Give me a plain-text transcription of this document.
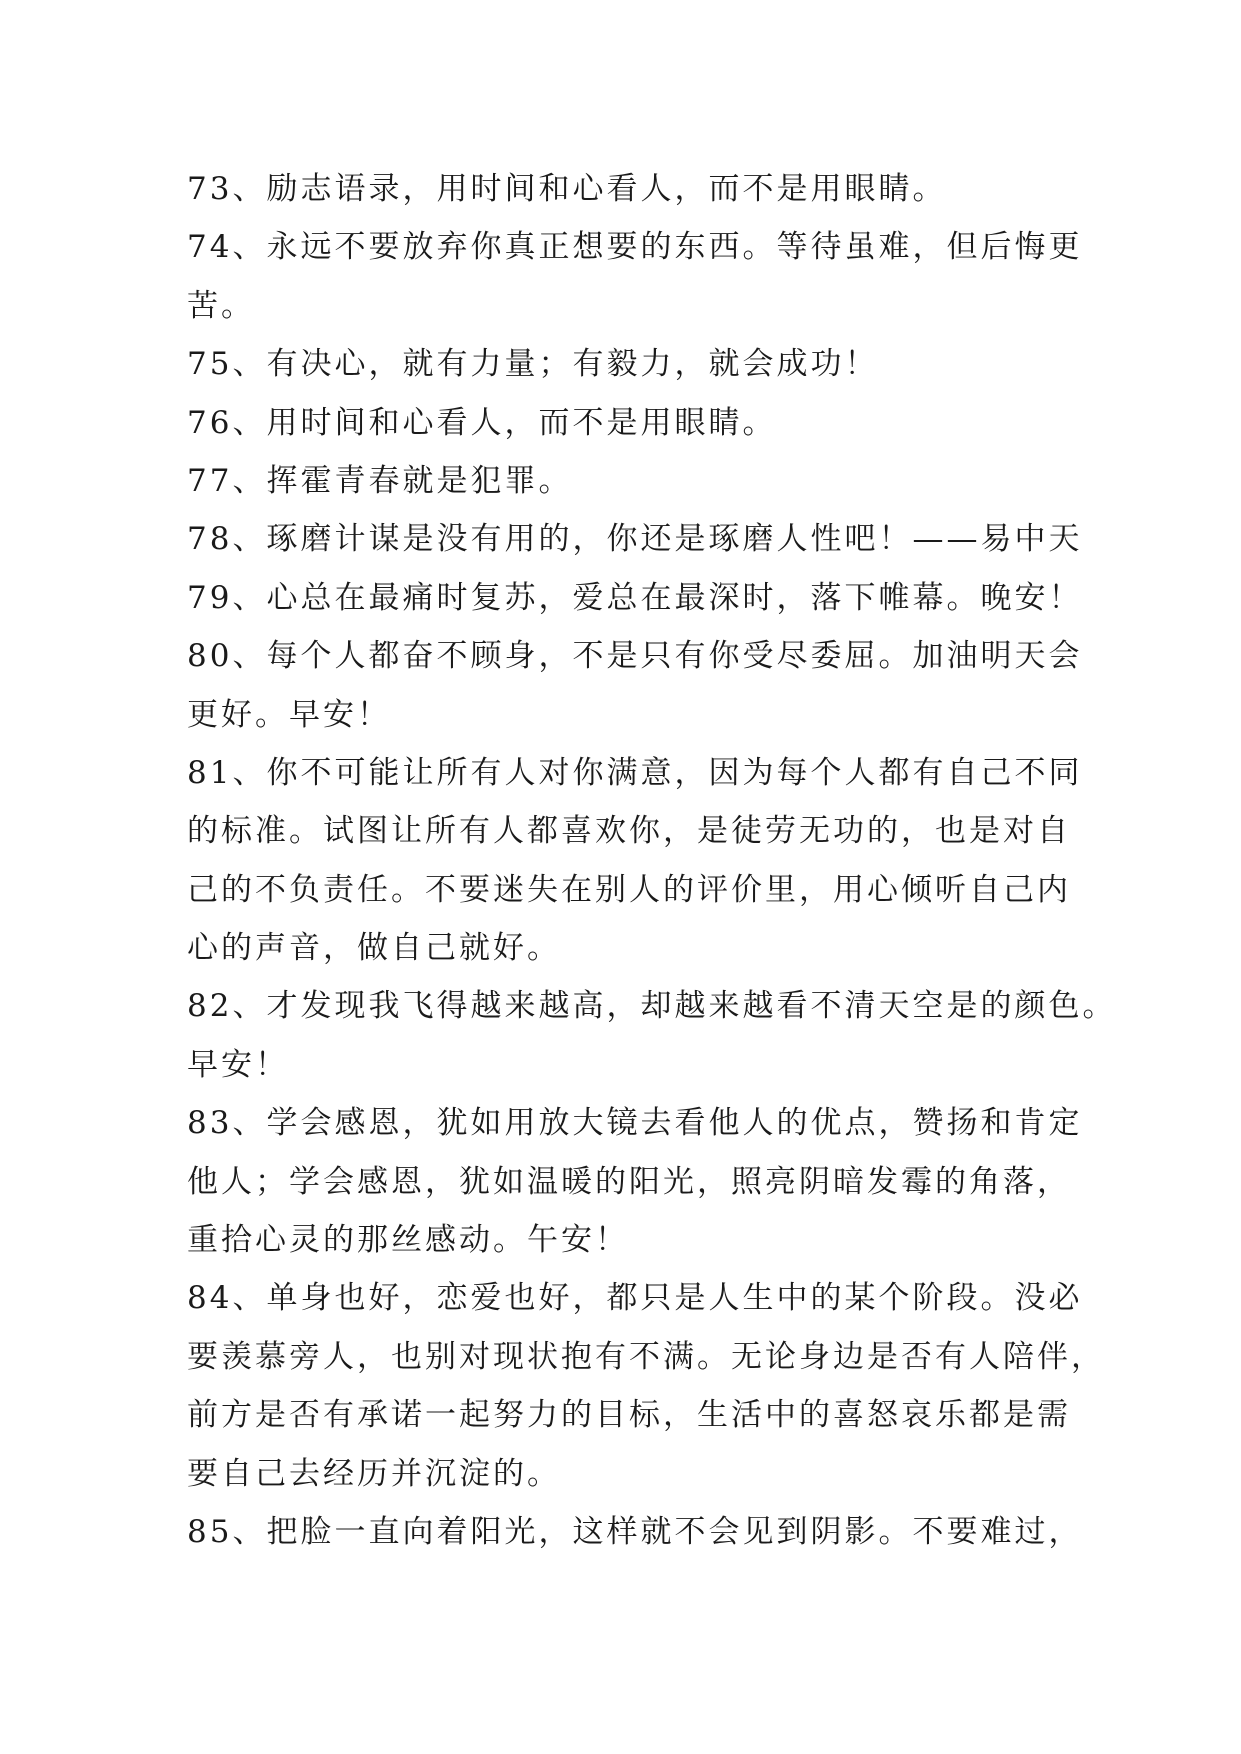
73、励志语录，用时间和心看人，而不是用眼睛。
74、永远不要放弃你真正想要的东西。等待虽难，但后悔更
苦。
75、有决心，就有力量；有毅力，就会成功！
76、用时间和心看人，而不是用眼睛。
77、挥霍青春就是犯罪。
78、琢磨计谋是没有用的，你还是琢磨人性吧！——易中天
79、心总在最痛时复苏，爱总在最深时，落下帷幕。晚安！
80、每个人都奋不顾身，不是只有你受尽委屈。加油明天会
更好。早安！
81、你不可能让所有人对你满意，因为每个人都有自己不同
的标准。试图让所有人都喜欢你，是徒劳无功的，也是对自
己的不负责任。不要迷失在别人的评价里，用心倾听自己内
心的声音，做自己就好。
82、才发现我飞得越来越高，却越来越看不清天空是的颜色。
早安！
83、学会感恩，犹如用放大镜去看他人的优点，赞扬和肯定
他人；学会感恩，犹如温暖的阳光，照亮阴暗发霉的角落，
重拾心灵的那丝感动。午安！
84、单身也好，恋爱也好，都只是人生中的某个阶段。没必
要羡慕旁人，也别对现状抱有不满。无论身边是否有人陪伴，
前方是否有承诺一起努力的目标，生活中的喜怒哀乐都是需
要自己去经历并沉淀的。
85、把脸一直向着阳光，这样就不会见到阴影。不要难过，
